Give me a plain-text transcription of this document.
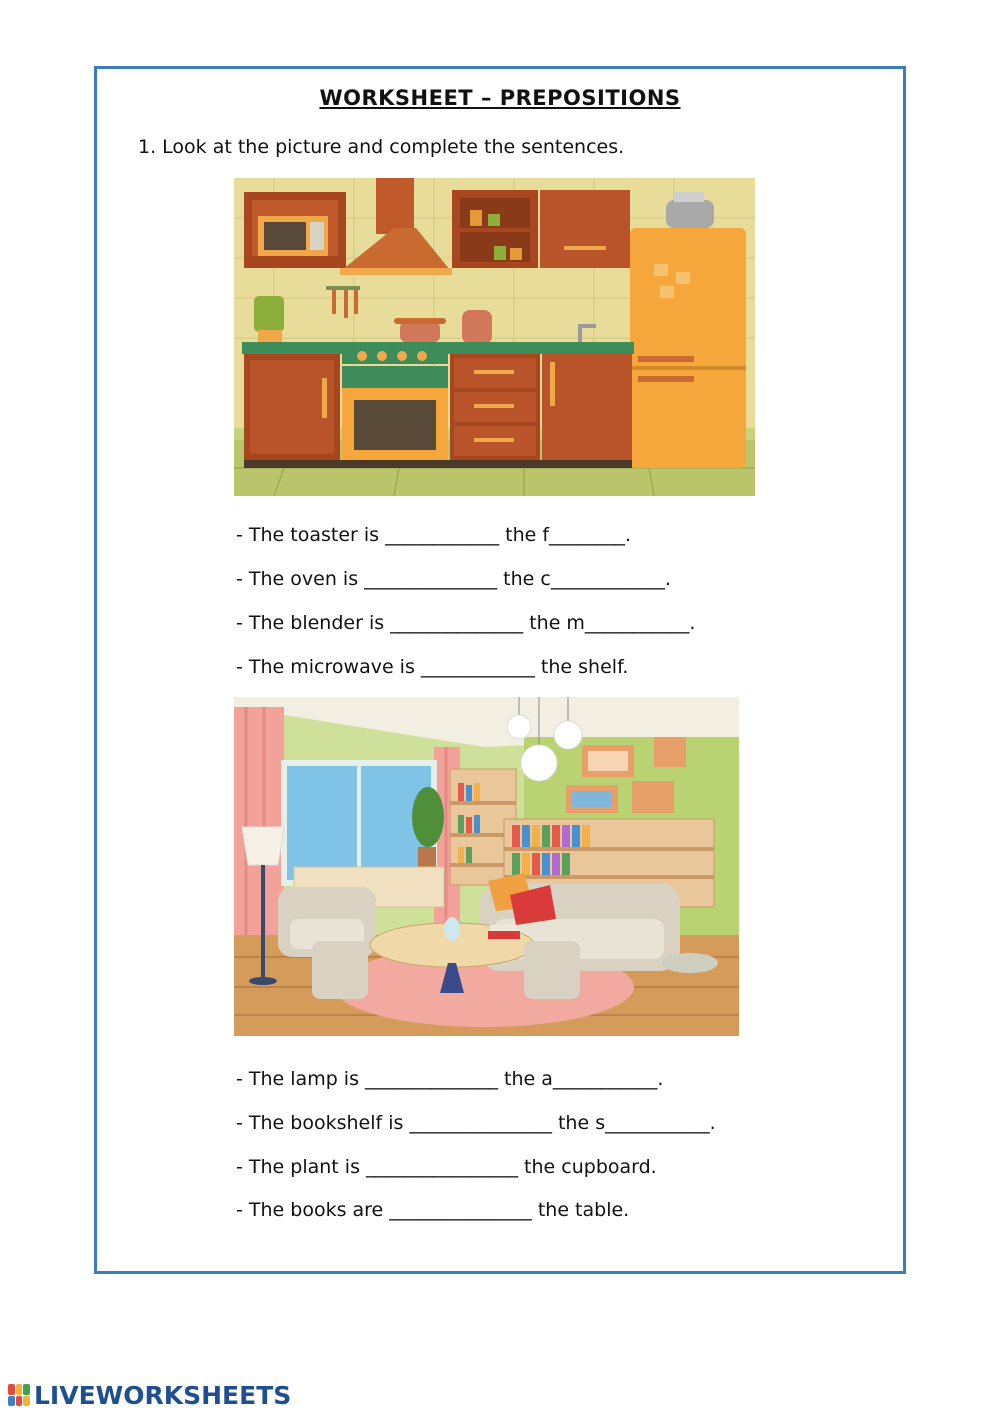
WORKSHEET – PREPOSITIONS
1. Look at the picture and complete the sentences.
- The toaster is ____________ the f________.
- The oven is ______________ the c____________.
- The blender is ______________ the m___________.
- The microwave is ____________ the shelf.
- The lamp is ______________ the a___________.
- The bookshelf is _______________ the s___________.
- The plant is ________________ the cupboard.
- The books are _______________ the table.
LIVEWORKSHEETS
